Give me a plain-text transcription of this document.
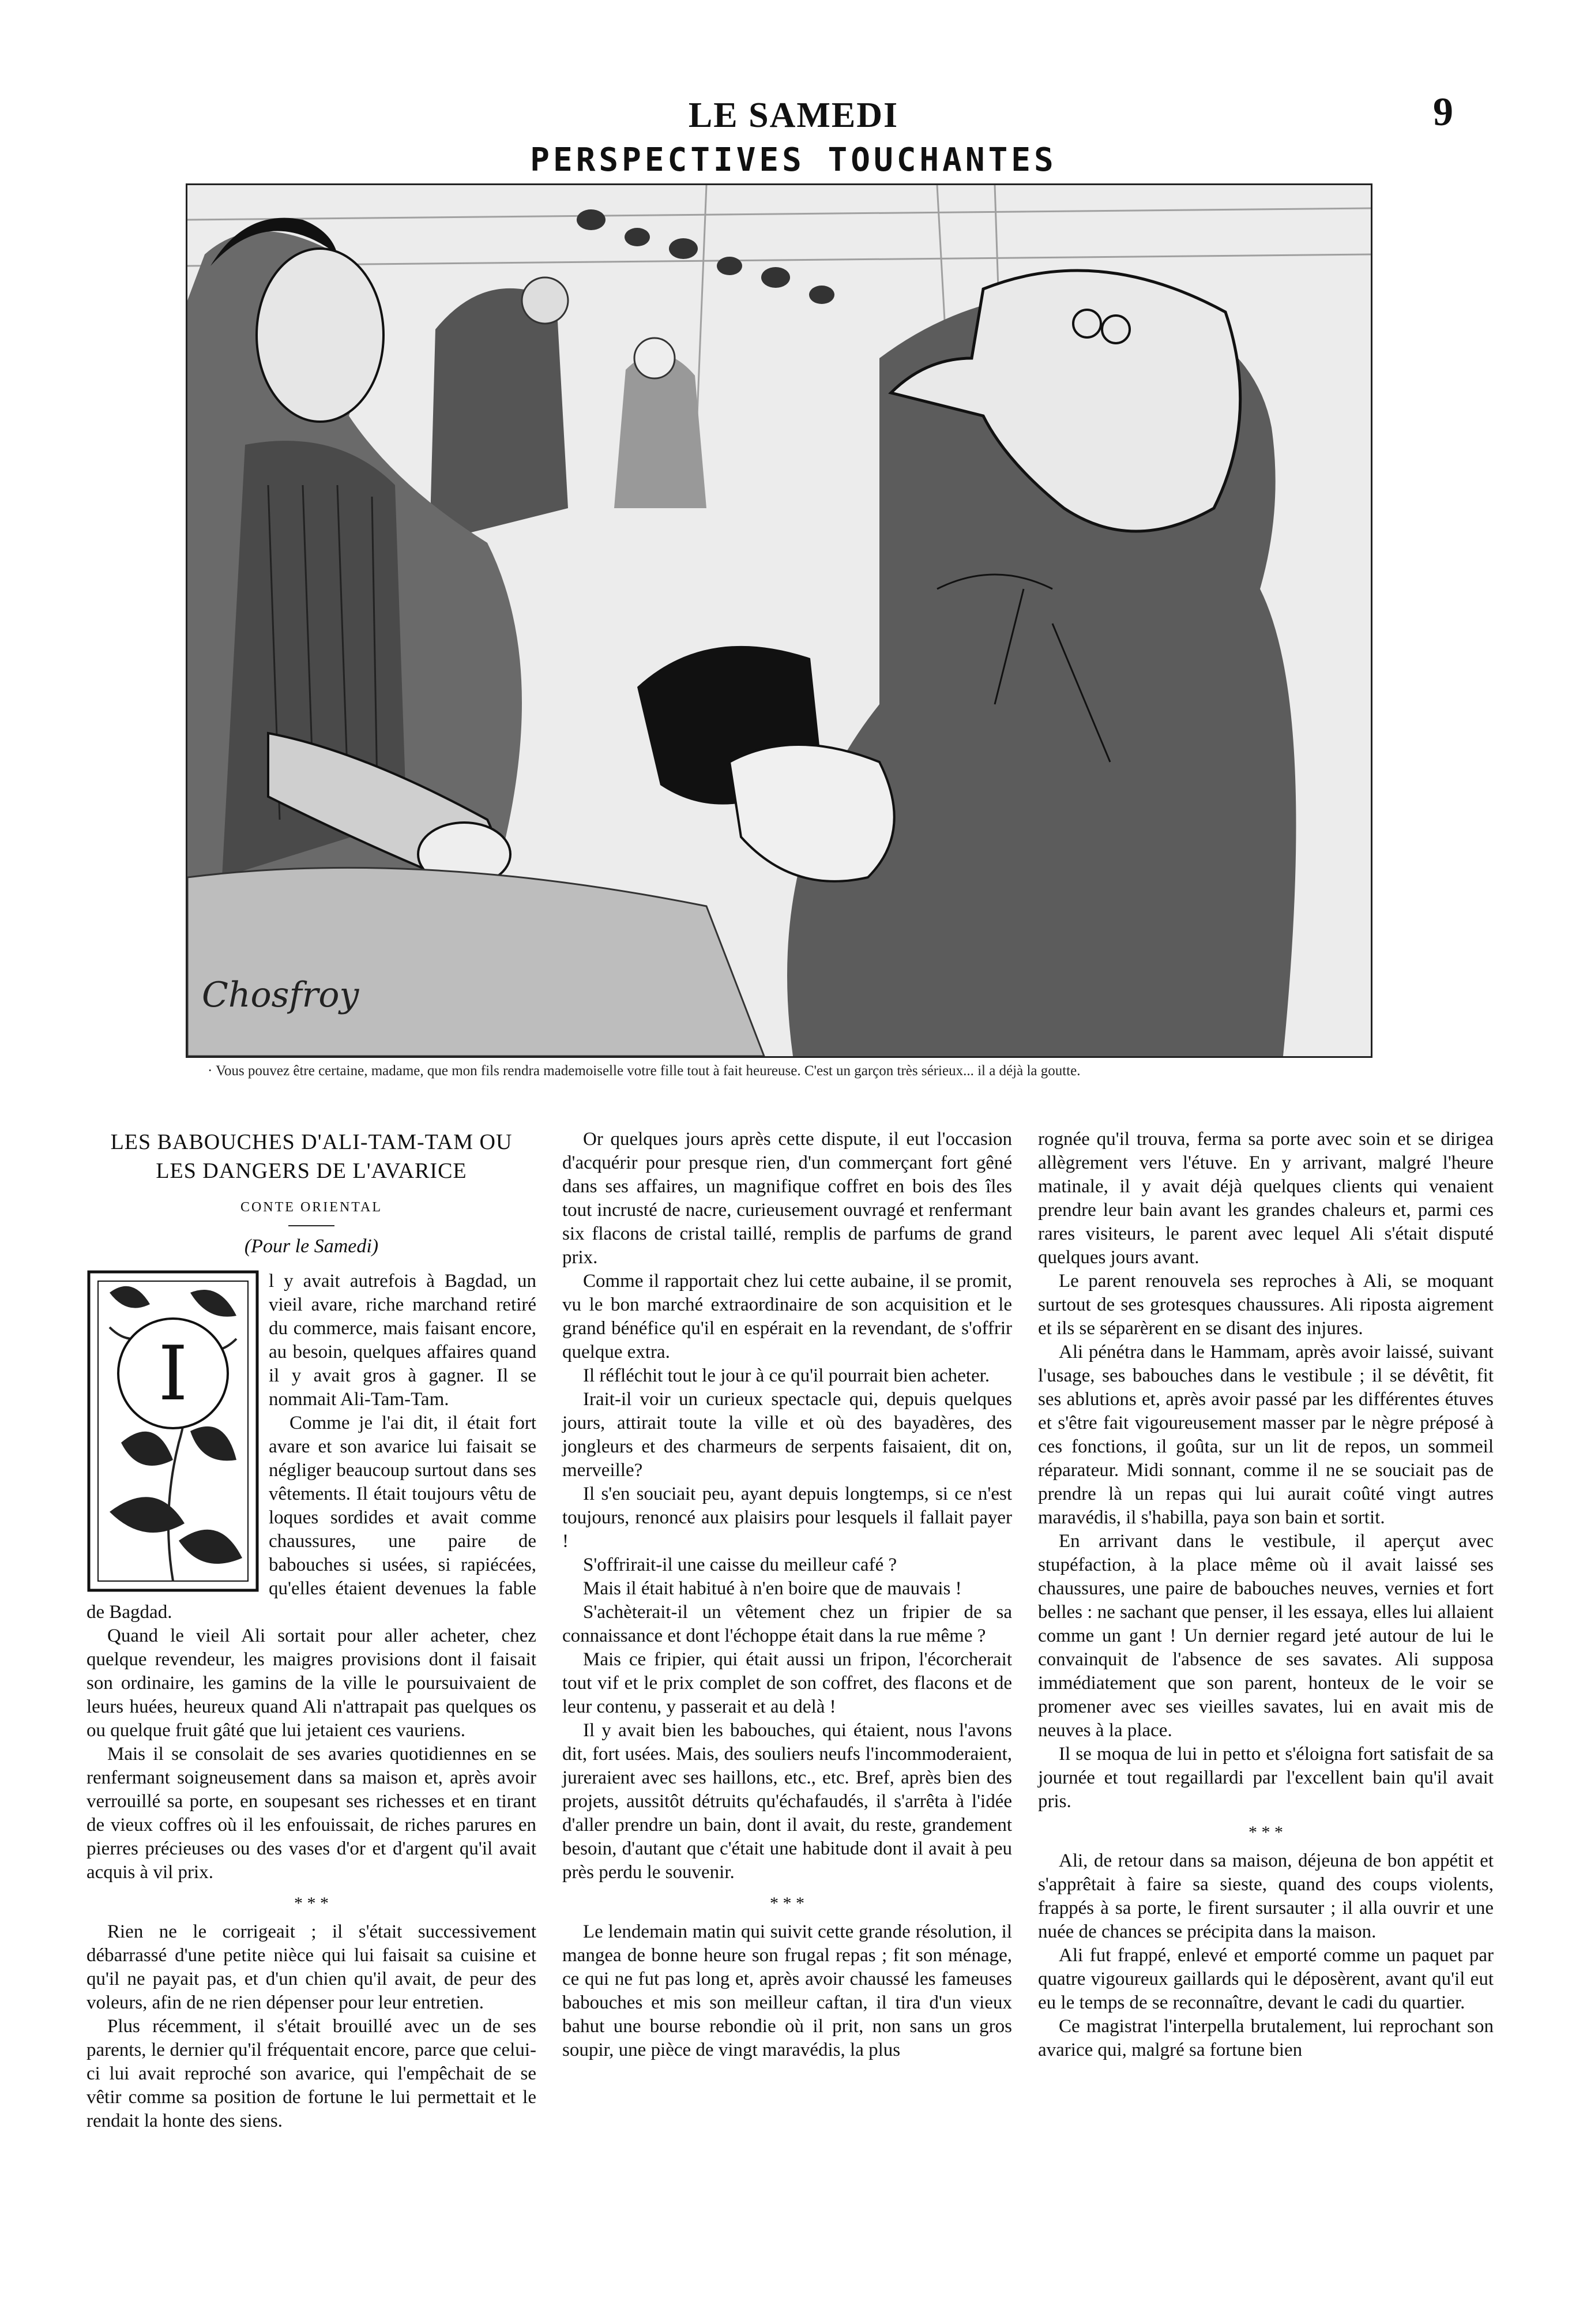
LE SAMEDI	9
PERSPECTIVES TOUCHANTES
Chosfroy
· Vous pouvez être certaine, madame, que mon fils rendra mademoiselle votre fille tout à fait heureuse. C'est un garçon très sérieux... il a déjà la goutte.
LES BABOUCHES D'ALI-TAM-TAM OU
LES DANGERS DE L'AVARICE
CONTE ORIENTAL
(Pour le Samedi)
I

l y avait autrefois à Bagdad, un vieil avare, riche marchand retiré du commerce, mais faisant encore, au besoin, quelques affaires quand il y avait gros à gagner. Il se nommait Ali-Tam-Tam.

Comme je l'ai dit, il était fort avare et son avarice lui faisait se négliger beaucoup surtout dans ses vêtements. Il était toujours vêtu de loques sordides et avait comme chaussures, une paire de babouches si usées, si rapiécées, qu'elles étaient devenues la fable de Bagdad.

Quand le vieil Ali sortait pour aller acheter, chez quelque revendeur, les maigres provisions dont il faisait son ordinaire, les gamins de la ville le poursuivaient de leurs huées, heureux quand Ali n'attrapait pas quelques os ou quelque fruit gâté que lui jetaient ces vauriens.

Mais il se consolait de ses avaries quotidiennes en se renfermant soigneusement dans sa maison et, après avoir verrouillé sa porte, en soupesant ses richesses et en tirant de vieux coffres où il les enfouissait, de riches parures en pierres précieuses ou des vases d'or et d'argent qu'il avait acquis à vil prix.

* * *

Rien ne le corrigeait ; il s'était successivement débarrassé d'une petite nièce qui lui faisait sa cuisine et qu'il ne payait pas, et d'un chien qu'il avait, de peur des voleurs, afin de ne rien dépenser pour leur entretien.

Plus récemment, il s'était brouillé avec un de ses parents, le dernier qu'il fréquentait encore, parce que celui-ci lui avait reproché son avarice, qui l'empêchait de se vêtir comme sa position de fortune le lui permettait et le rendait la honte des siens.

Or quelques jours après cette dispute, il eut l'occasion d'acquérir pour presque rien, d'un commerçant fort gêné dans ses affaires, un magnifique coffret en bois des îles tout incrusté de nacre, curieusement ouvragé et renfermant six flacons de cristal taillé, remplis de parfums de grand prix.

Comme il rapportait chez lui cette aubaine, il se promit, vu le bon marché extraordinaire de son acquisition et le grand bénéfice qu'il en espérait en la revendant, de s'offrir quelque extra.

Il réfléchit tout le jour à ce qu'il pourrait bien acheter.

Irait-il voir un curieux spectacle qui, depuis quelques jours, attirait toute la ville et où des bayadères, des jongleurs et des charmeurs de serpents faisaient, dit on, merveille?

Il s'en souciait peu, ayant depuis longtemps, si ce n'est toujours, renoncé aux plaisirs pour lesquels il fallait payer !

S'offrirait-il une caisse du meilleur café ?

Mais il était habitué à n'en boire que de mauvais !

S'achèterait-il un vêtement chez un fripier de sa connaissance et dont l'échoppe était dans la rue même ?

Mais ce fripier, qui était aussi un fripon, l'écorcherait tout vif et le prix complet de son coffret, des flacons et de leur contenu, y passerait et au delà !

Il y avait bien les babouches, qui étaient, nous l'avons dit, fort usées. Mais, des souliers neufs l'incommoderaient, jureraient avec ses haillons, etc., etc. Bref, après bien des projets, aussitôt détruits qu'échafaudés, il s'arrêta à l'idée d'aller prendre un bain, dont il avait, du reste, grandement besoin, d'autant que c'était une habitude dont il avait à peu près perdu le souvenir.

* * *

Le lendemain matin qui suivit cette grande résolution, il mangea de bonne heure son frugal repas ; fit son ménage, ce qui ne fut pas long et, après avoir chaussé les fameuses babouches et mis son meilleur caftan, il tira d'un vieux bahut une bourse rebondie où il prit, non sans un gros soupir, une pièce de vingt maravédis, la plus

rognée qu'il trouva, ferma sa porte avec soin et se dirigea allègrement vers l'étuve. En y arrivant, malgré l'heure matinale, il y avait déjà quelques clients qui venaient prendre leur bain avant les grandes chaleurs et, parmi ces rares visiteurs, le parent avec lequel Ali s'était disputé quelques jours avant.

Le parent renouvela ses reproches à Ali, se moquant surtout de ses grotesques chaussures. Ali riposta aigrement et ils se séparèrent en se disant des injures.

Ali pénétra dans le Hammam, après avoir laissé, suivant l'usage, ses babouches dans le vestibule ; il se dévêtit, fit ses ablutions et, après avoir passé par les différentes étuves et s'être fait vigoureusement masser par le nègre préposé à ces fonctions, il goûta, sur un lit de repos, un sommeil réparateur. Midi sonnant, comme il ne se souciait pas de prendre là un repas qui lui aurait coûté vingt autres maravédis, il s'habilla, paya son bain et sortit.

En arrivant dans le vestibule, il aperçut avec stupéfaction, à la place même où il avait laissé ses chaussures, une paire de babouches neuves, vernies et fort belles : ne sachant que penser, il les essaya, elles lui allaient comme un gant ! Un dernier regard jeté autour de lui le convainquit de l'absence de ses savates. Ali supposa immédiatement que son parent, honteux de le voir se promener avec ses vieilles savates, lui en avait mis de neuves à la place.

Il se moqua de lui in petto et s'éloigna fort satisfait de sa journée et tout regaillardi par l'excellent bain qu'il avait pris.

* * *

Ali, de retour dans sa maison, déjeuna de bon appétit et s'apprêtait à faire sa sieste, quand des coups violents, frappés à sa porte, le firent sursauter ; il alla ouvrir et une nuée de chances se précipita dans la maison.

Ali fut frappé, enlevé et emporté comme un paquet par quatre vigoureux gaillards qui le déposèrent, avant qu'il eut eu le temps de se reconnaître, devant le cadi du quartier.

Ce magistrat l'interpella brutalement, lui reprochant son avarice qui, malgré sa fortune bien
